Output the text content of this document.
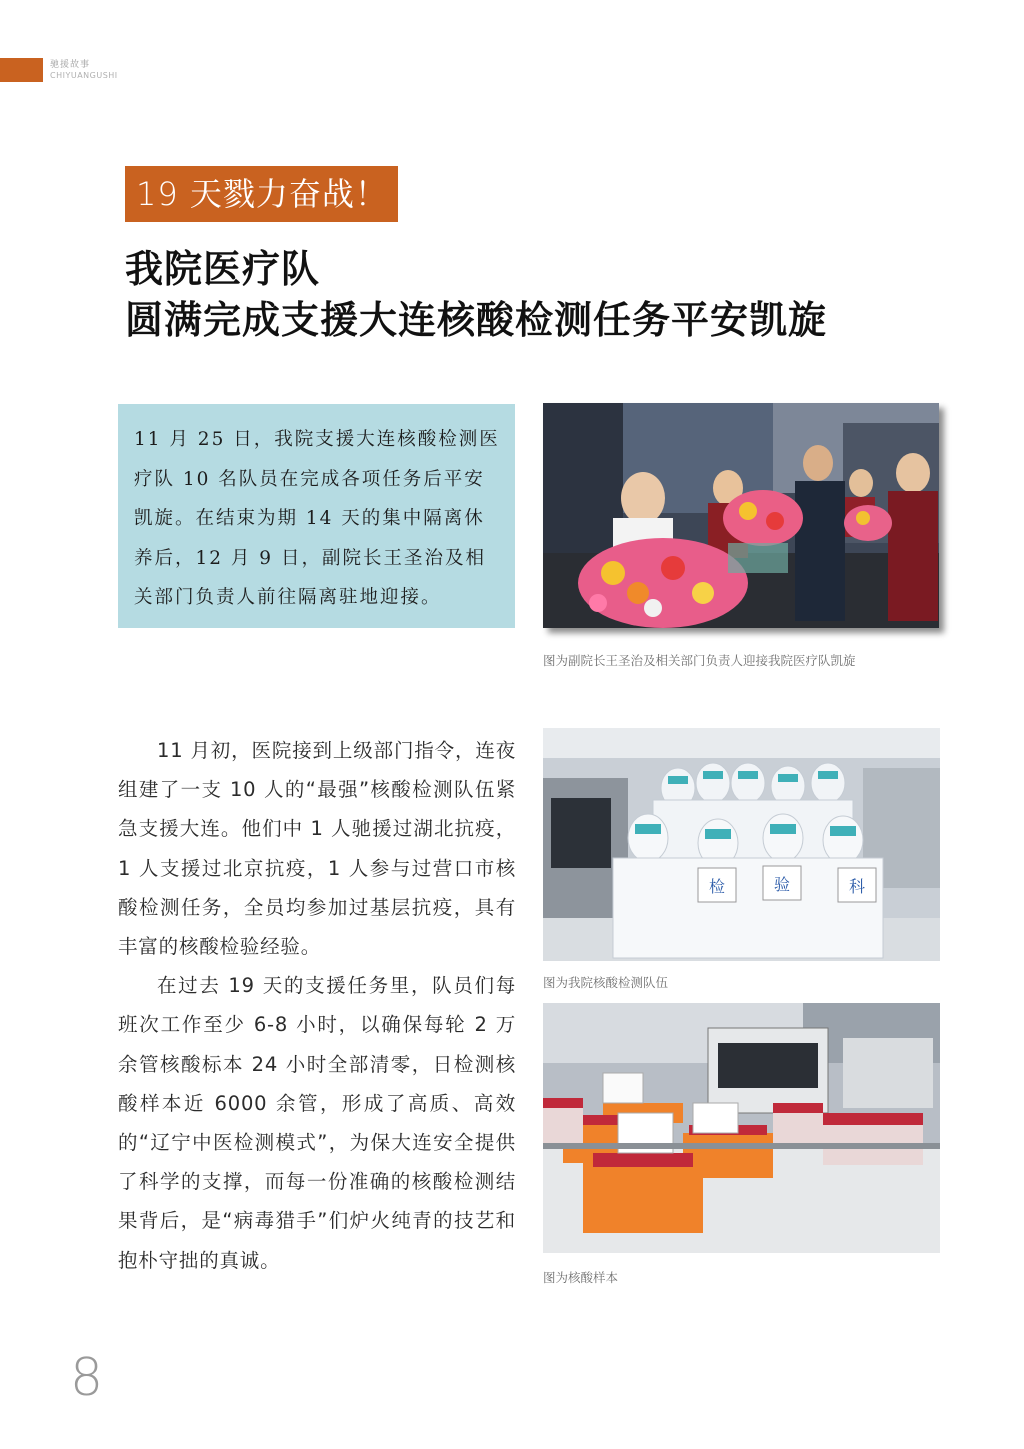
驰援故事
CHIYUANGUSHI
19 天戮力奋战！
我院医疗队
圆满完成支援大连核酸检测任务平安凯旋
11 月 25 日，我院支援大连核酸检测医疗队 10 名队员在完成各项任务后平安凯旋。在结束为期 14 天的集中隔离休养后，12 月 9 日，副院长王圣治及相关部门负责人前往隔离驻地迎接。
图为副院长王圣治及相关部门负责人迎接我院医疗队凯旋
检	验	科
图为我院核酸检测队伍
图为核酸样本

11 月初，医院接到上级部门指令，连夜组建了一支 10 人的“最强”核酸检测队伍紧急支援大连。他们中 1 人驰援过湖北抗疫，1 人支援过北京抗疫，1 人参与过营口市核酸检测任务，全员均参加过基层抗疫，具有丰富的核酸检验经验。

在过去 19 天的支援任务里，队员们每班次工作至少 6-8 小时，以确保每轮 2 万余管核酸标本 24 小时全部清零，日检测核酸样本近 6000 余管，形成了高质、高效的“辽宁中医检测模式”，为保大连安全提供了科学的支撑，而每一份准确的核酸检测结果背后，是“病毒猎手”们炉火纯青的技艺和抱朴守拙的真诚。

8
